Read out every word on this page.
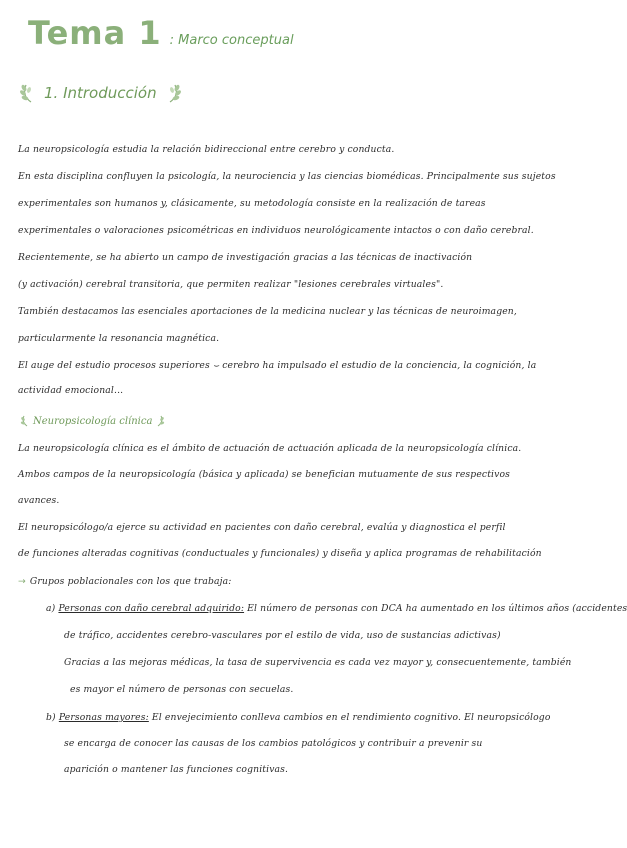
Tema 1 : Marco conceptual
1. Introducción
La neuropsicología estudia la relación bidireccional entre cerebro y conducta.
En esta disciplina confluyen la psicología, la neurociencia y las ciencias biomédicas. Principalmente sus sujetos
experimentales son humanos y, clásicamente, su metodología consiste en la realización de tareas
experimentales o valoraciones psicométricas en individuos neurológicamente intactos o con daño cerebral.
Recientemente, se ha abierto un campo de investigación gracias a las técnicas de inactivación
(y activación) cerebral transitoria, que permiten realizar "lesiones cerebrales virtuales".
También destacamos las esenciales aportaciones de la medicina nuclear y las técnicas de neuroimagen,
particularmente la resonancia magnética.
El auge del estudio procesos superiores ⌣ cerebro ha impulsado el estudio de la conciencia, la cognición, la
actividad emocional...
Neuropsicología clínica
La neuropsicología clínica es el ámbito de actuación de actuación aplicada de la neuropsicología clínica.
Ambos campos de la neuropsicología (básica y aplicada) se benefician mutuamente de sus respectivos
avances.
El neuropsicólogo/a ejerce su actividad en pacientes con daño cerebral, evalúa y diagnostica el perfil
de funciones alteradas cognitivas (conductuales y funcionales) y diseña y aplica programas de rehabilitación
→ Grupos poblacionales con los que trabaja:
a) Personas con daño cerebral adquirido: El número de personas con DCA ha aumentado en los últimos años (accidentes
de tráfico, accidentes cerebro-vasculares por el estilo de vida, uso de sustancias adictivas)
Gracias a las mejoras médicas, la tasa de supervivencia es cada vez mayor y, consecuentemente, también
es mayor el número de personas con secuelas.
b) Personas mayores: El envejecimiento conlleva cambios en el rendimiento cognitivo. El neuropsicólogo
se encarga de conocer las causas de los cambios patológicos y contribuir a prevenir su
aparición o mantener las funciones cognitivas.
